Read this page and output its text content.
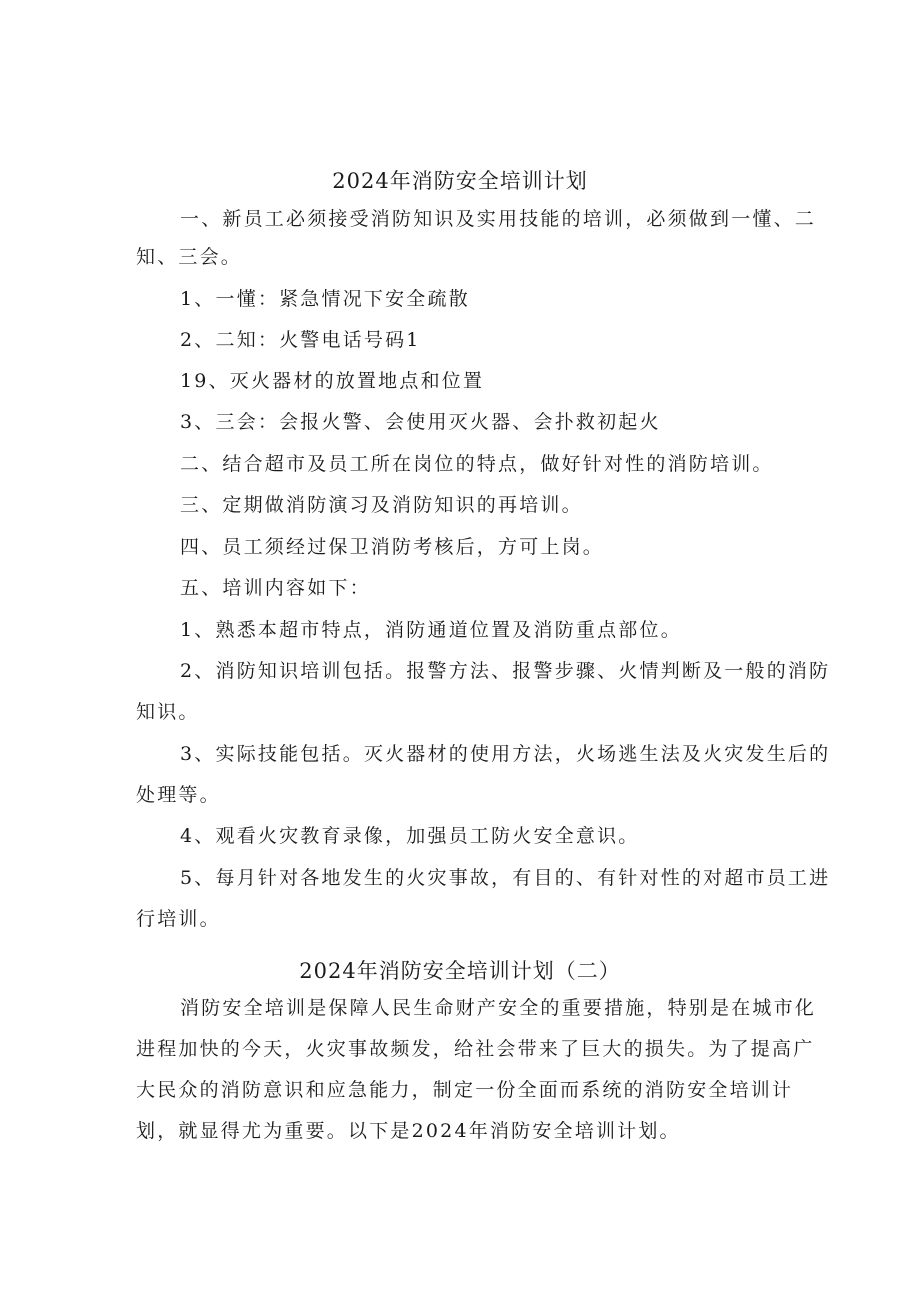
2024年消防安全培训计划
一、新员工必须接受消防知识及实用技能的培训，必须做到一懂、二
知、三会。
1、一懂：紧急情况下安全疏散
2、二知：火警电话号码1
19、灭火器材的放置地点和位置
3、三会：会报火警、会使用灭火器、会扑救初起火
二、结合超市及员工所在岗位的特点，做好针对性的消防培训。
三、定期做消防演习及消防知识的再培训。
四、员工须经过保卫消防考核后，方可上岗。
五、培训内容如下：
1、熟悉本超市特点，消防通道位置及消防重点部位。
2、消防知识培训包括。报警方法、报警步骤、火情判断及一般的消防
知识。
3、实际技能包括。灭火器材的使用方法，火场逃生法及火灾发生后的
处理等。
4、观看火灾教育录像，加强员工防火安全意识。
5、每月针对各地发生的火灾事故，有目的、有针对性的对超市员工进
行培训。
2024年消防安全培训计划（二）
消防安全培训是保障人民生命财产安全的重要措施，特别是在城市化
进程加快的今天，火灾事故频发，给社会带来了巨大的损失。为了提高广
大民众的消防意识和应急能力，制定一份全面而系统的消防安全培训计
划，就显得尤为重要。以下是2024年消防安全培训计划。
